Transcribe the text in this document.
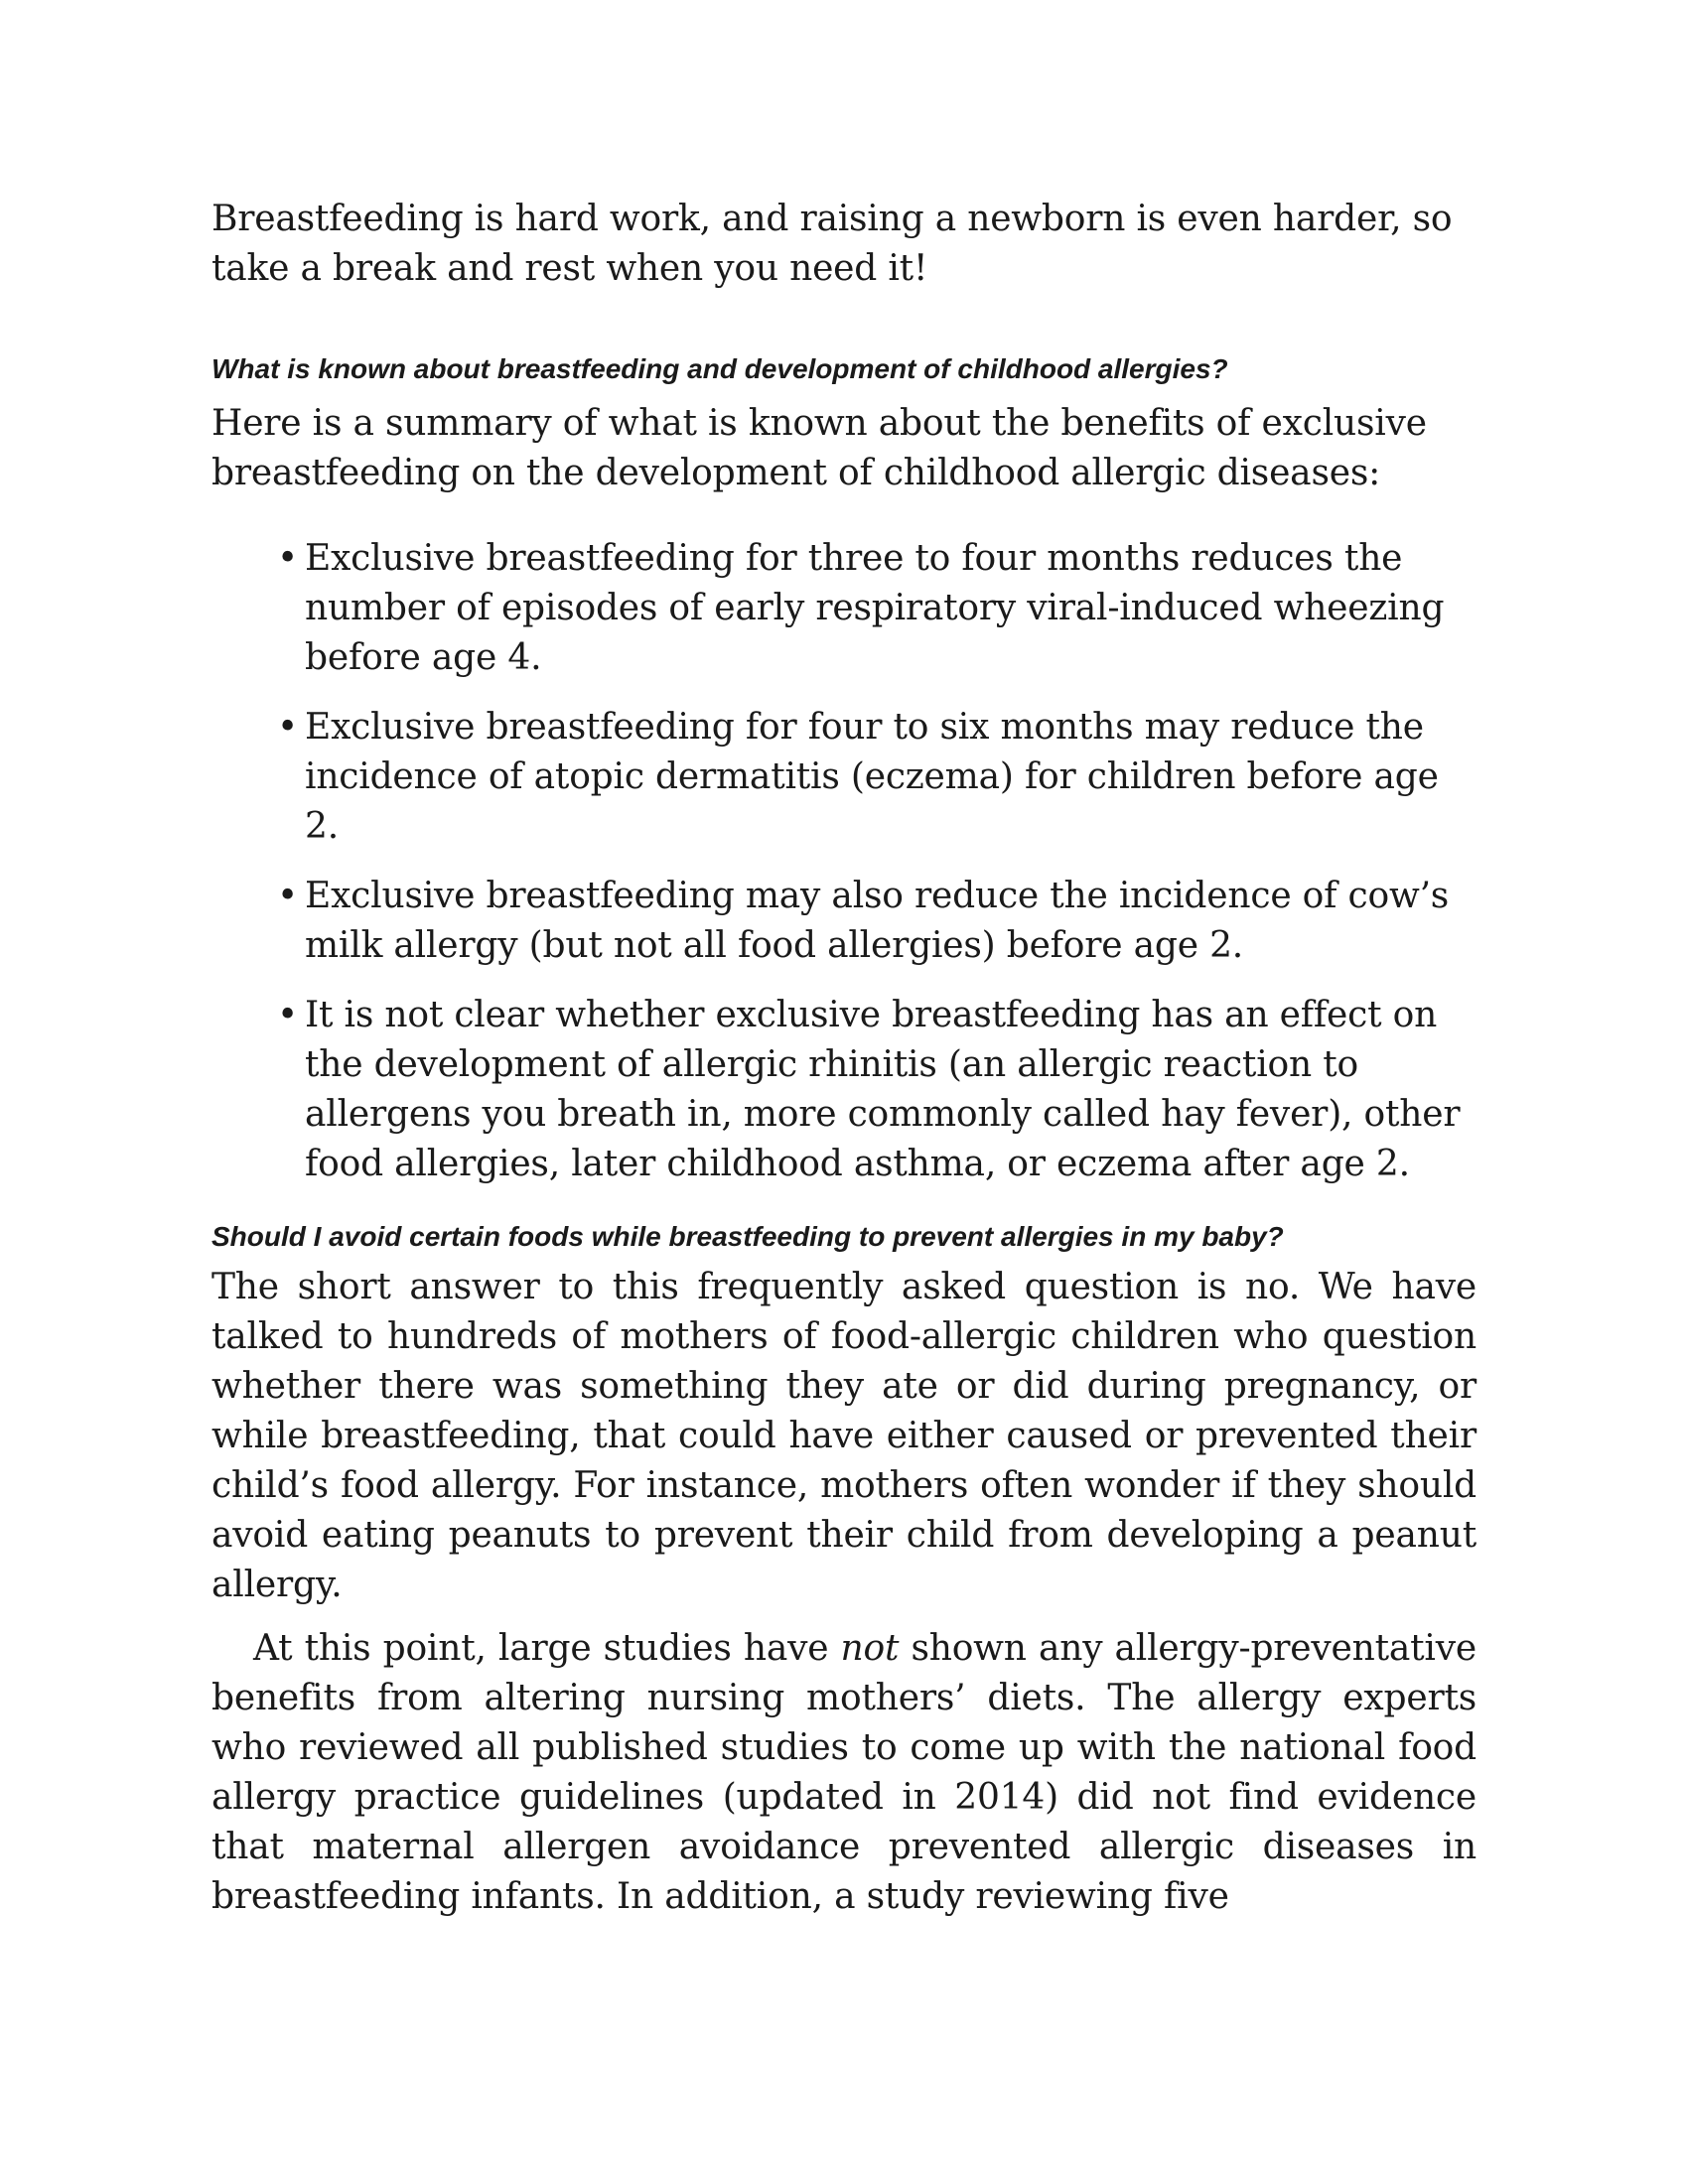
Breastfeeding is hard work, and raising a newborn is even harder, so take a break and rest when you need it!

What is known about breastfeeding and development of childhood allergies?

Here is a summary of what is known about the benefits of exclusive breastfeeding on the development of childhood allergic diseases:

• Exclusive breastfeeding for three to four months reduces the number of episodes of early respiratory viral-induced wheezing before age 4.
• Exclusive breastfeeding for four to six months may reduce the incidence of atopic dermatitis (eczema) for children before age 2.
• Exclusive breastfeeding may also reduce the incidence of cow’s milk allergy (but not all food allergies) before age 2.
• It is not clear whether exclusive breastfeeding has an effect on the development of allergic rhinitis (an allergic reaction to allergens you breath in, more commonly called hay fever), other food allergies, later childhood asthma, or eczema after age 2.
Should I avoid certain foods while breastfeeding to prevent allergies in my baby?

The short answer to this frequently asked question is no. We have talked to hundreds of mothers of food-allergic children who question whether there was something they ate or did during pregnancy, or while breastfeeding, that could have either caused or prevented their child’s food allergy. For instance, mothers often wonder if they should avoid eating peanuts to prevent their child from developing a peanut allergy.

At this point, large studies have not shown any allergy-preventative benefits from altering nursing mothers’ diets. The allergy experts who reviewed all published studies to come up with the national food allergy practice guidelines (updated in 2014) did not find evidence that maternal allergen avoidance prevented allergic diseases in breastfeeding infants. In addition, a study reviewing five
